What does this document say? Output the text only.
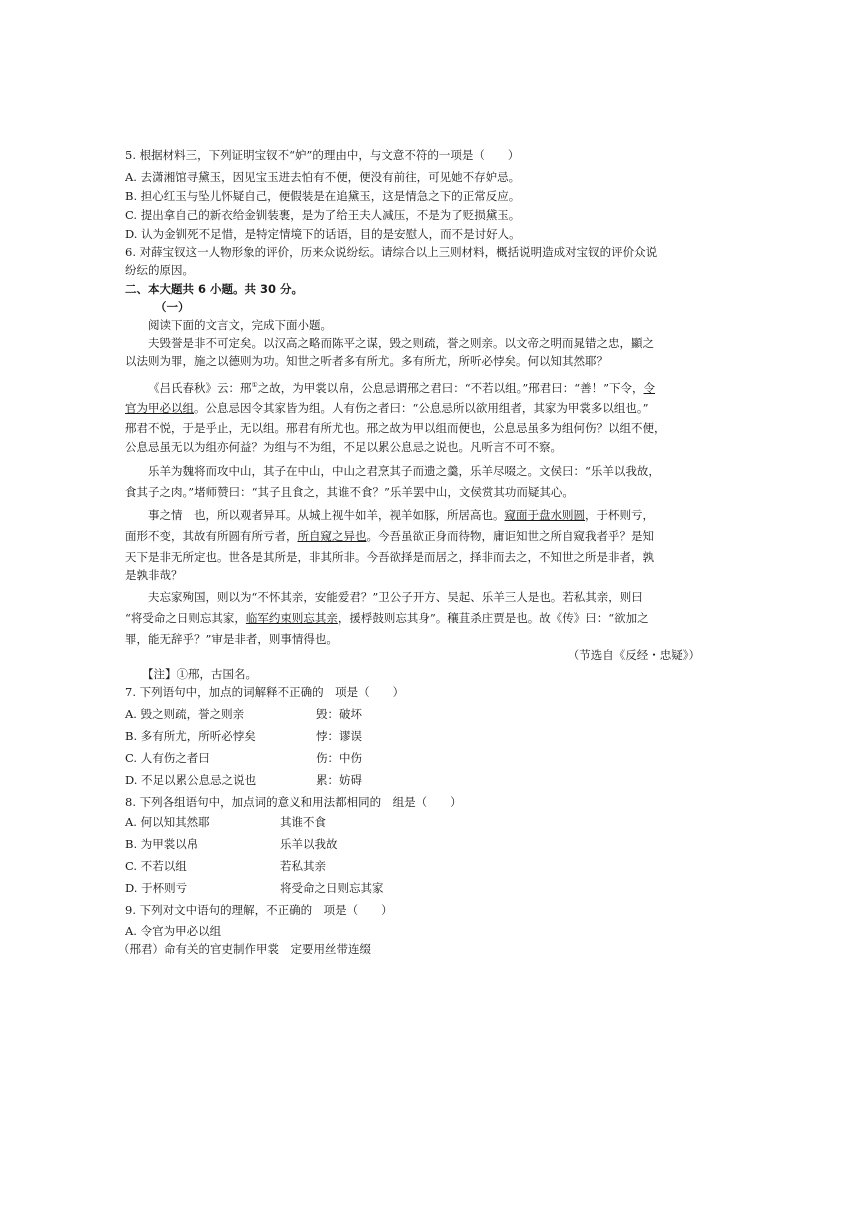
5. 根据材料三，下列证明宝钗不“妒”的理由中，与文意不符的一项是（　　）
A. 去潇湘馆寻黛玉，因见宝玉进去怕有不便，便没有前往，可见她不存妒忌。
B. 担心红玉与坠儿怀疑自己，便假装是在追黛玉，这是情急之下的正常反应。
C. 提出拿自己的新衣给金钏装裹，是为了给王夫人减压，不是为了贬损黛玉。
D. 认为金钏死不足惜，是特定情境下的话语，目的是安慰人，而不是讨好人。
6. 对薛宝钗这一人物形象的评价，历来众说纷纭。请综合以上三则材料，概括说明造成对宝钗的评价众说
纷纭的原因。
二、本大题共 6 小题。共 30 分。
（一）
阅读下面的文言文，完成下面小题。
夫毁誉是非不可定矣。以汉高之略而陈平之谋，毁之则疏，誉之则亲。以文帝之明而晁错之忠，顯之
以法则为罪，施之以德则为功。知世之听者多有所尤。多有所尤，所听必悖矣。何以知其然耶？
《吕氏春秋》云：郉①之故，为甲裳以帛，公息忌谓郉之君曰：“不若以组。”郉君曰：“善！”下令，令
官为甲必以组。公息忌因令其家皆为组。人有伤之者曰：“公息忌所以欲用组者，其家为甲裳多以组也。”
郉君不悦，于是乎止，无以组。郉君有所尤也。郉之故为甲以组而便也，公息忌虽多为组何伤？以组不便，
公息忌虽无以为组亦何益？为组与不为组，不足以累公息忌之说也。凡听言不可不察。
乐羊为魏将而攻中山，其子在中山，中山之君烹其子而遗之羹，乐羊尽啜之。文侯曰：“乐羊以我故，
食其子之肉。”堵师赞曰：“其子且食之，其谁不食？”乐羊罢中山，文侯赏其功而疑其心。
事之情　也，所以观者异耳。从城上视牛如羊，视羊如豚，所居高也。窥面于盘水则圆，于杯则亏，
面形不变，其故有所圆有所亏者，所自窥之异也。今吾虽欲正身而待物，庸讵知世之所自窥我者乎？是知
天下是非无所定也。世各是其所是，非其所非。今吾欲择是而居之，择非而去之，不知世之所是非者，孰
是孰非哉？
夫忘家殉国，则以为“不怀其亲，安能爱君？”卫公子开方、吴起、乐羊三人是也。若私其亲，则曰
“将受命之日则忘其家，临军约束则忘其亲，援桴鼓则忘其身”。穰苴杀庄贾是也。故《传》曰：“欲加之
罪，能无辞乎？”审是非者，则事情得也。
（节选自《反经・忠疑》）
【注】①郉，古国名。
7. 下列语句中，加点的词解释不正确的　项是（　　）
A. 毁之则疏，誉之则亲	毁：破坏
B. 多有所尤，所听必悖矣	悖：谬误
C. 人有伤之者曰	伤：中伤
D. 不足以累公息忌之说也	累：妨碍
8. 下列各组语句中，加点词的意义和用法都相同的　组是（　　）
A. 何以知其然耶	其谁不食
B. 为甲裳以帛	乐羊以我故
C. 不若以组	若私其亲
D. 于杯则亏	将受命之日则忘其家
9. 下列对文中语句的理解，不正确的　项是（　　）
A. 令官为甲必以组
（郉君）命有关的官吏制作甲裳　定要用丝带连缀
